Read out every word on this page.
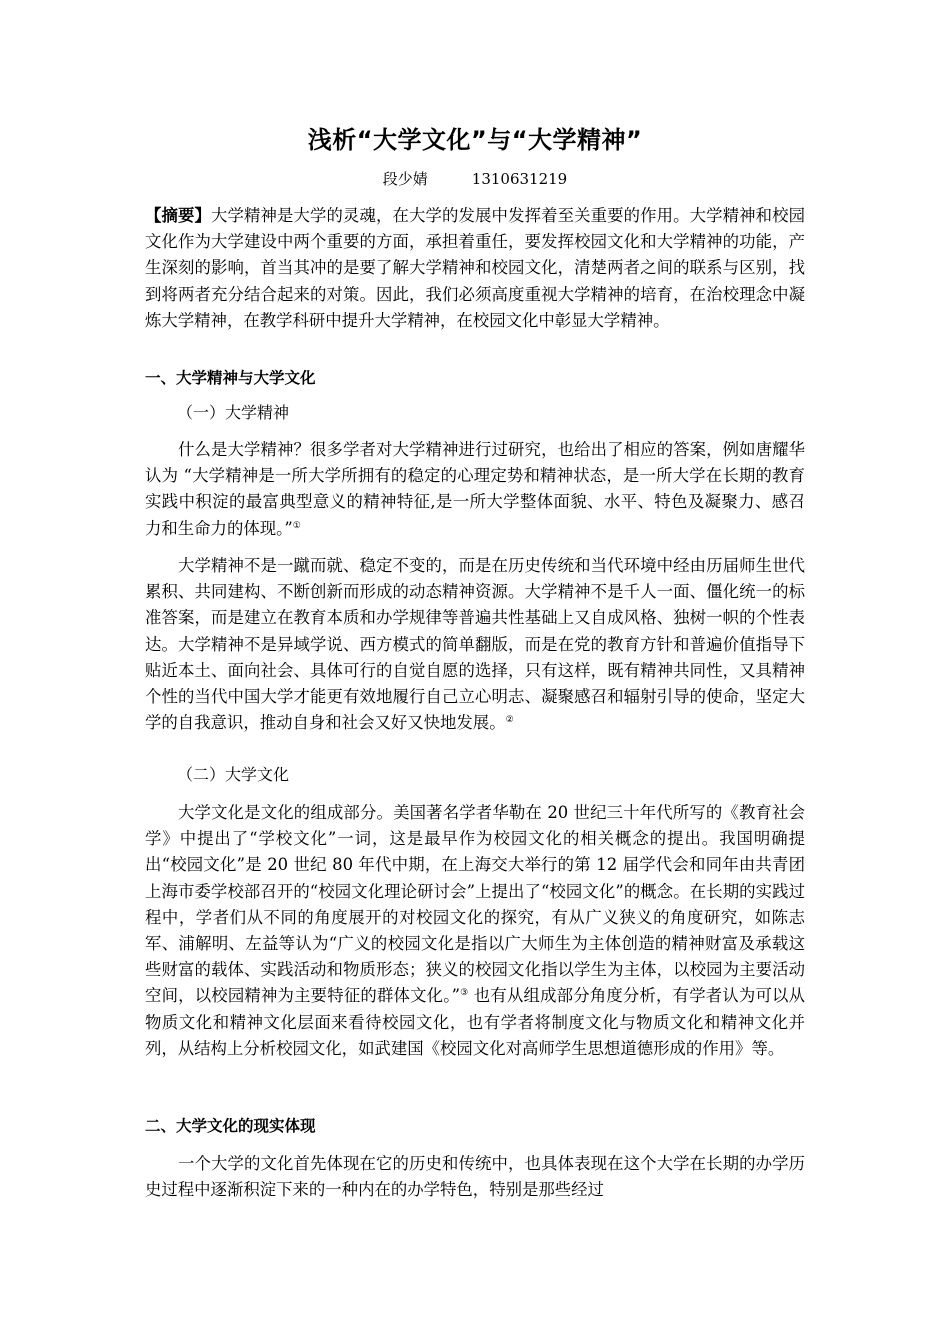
浅析“大学文化”与“大学精神”
段少婧	1310631219
【摘要】大学精神是大学的灵魂，在大学的发展中发挥着至关重要的作用。大学精神和校园文化作为大学建设中两个重要的方面，承担着重任，要发挥校园文化和大学精神的功能，产生深刻的影响，首当其冲的是要了解大学精神和校园文化，清楚两者之间的联系与区别，找到将两者充分结合起来的对策。因此，我们必须高度重视大学精神的培育，在治校理念中凝炼大学精神，在教学科研中提升大学精神，在校园文化中彰显大学精神。
一、大学精神与大学文化
（一）大学精神
什么是大学精神？很多学者对大学精神进行过研究，也给出了相应的答案，例如唐耀华认为 “大学精神是一所大学所拥有的稳定的心理定势和精神状态，是一所大学在长期的教育实践中积淀的最富典型意义的精神特征,是一所大学整体面貌、水平、特色及凝聚力、感召力和生命力的体现。”①
大学精神不是一蹴而就、稳定不变的，而是在历史传统和当代环境中经由历届师生世代累积、共同建构、不断创新而形成的动态精神资源。大学精神不是千人一面、僵化统一的标准答案，而是建立在教育本质和办学规律等普遍共性基础上又自成风格、独树一帜的个性表达。大学精神不是异域学说、西方模式的简单翻版，而是在党的教育方针和普遍价值指导下贴近本土、面向社会、具体可行的自觉自愿的选择，只有这样，既有精神共同性，又具精神个性的当代中国大学才能更有效地履行自己立心明志、凝聚感召和辐射引导的使命，坚定大学的自我意识，推动自身和社会又好又快地发展。②
（二）大学文化
大学文化是文化的组成部分。美国著名学者华勒在 20 世纪三十年代所写的《教育社会学》中提出了“学校文化”一词，这是最早作为校园文化的相关概念的提出。我国明确提出“校园文化”是 20 世纪 80 年代中期，在上海交大举行的第 12 届学代会和同年由共青团上海市委学校部召开的“校园文化理论研讨会”上提出了“校园文化”的概念。在长期的实践过程中，学者们从不同的角度展开的对校园文化的探究，有从广义狭义的角度研究，如陈志军、浦解明、左益等认为“广义的校园文化是指以广大师生为主体创造的精神财富及承载这些财富的载体、实践活动和物质形态；狭义的校园文化指以学生为主体，以校园为主要活动空间，以校园精神为主要特征的群体文化。”③ 也有从组成部分角度分析，有学者认为可以从物质文化和精神文化层面来看待校园文化，也有学者将制度文化与物质文化和精神文化并列，从结构上分析校园文化，如武建国《校园文化对高师学生思想道德形成的作用》等。
二、大学文化的现实体现
一个大学的文化首先体现在它的历史和传统中，也具体表现在这个大学在长期的办学历史过程中逐渐积淀下来的一种内在的办学特色，特别是那些经过
